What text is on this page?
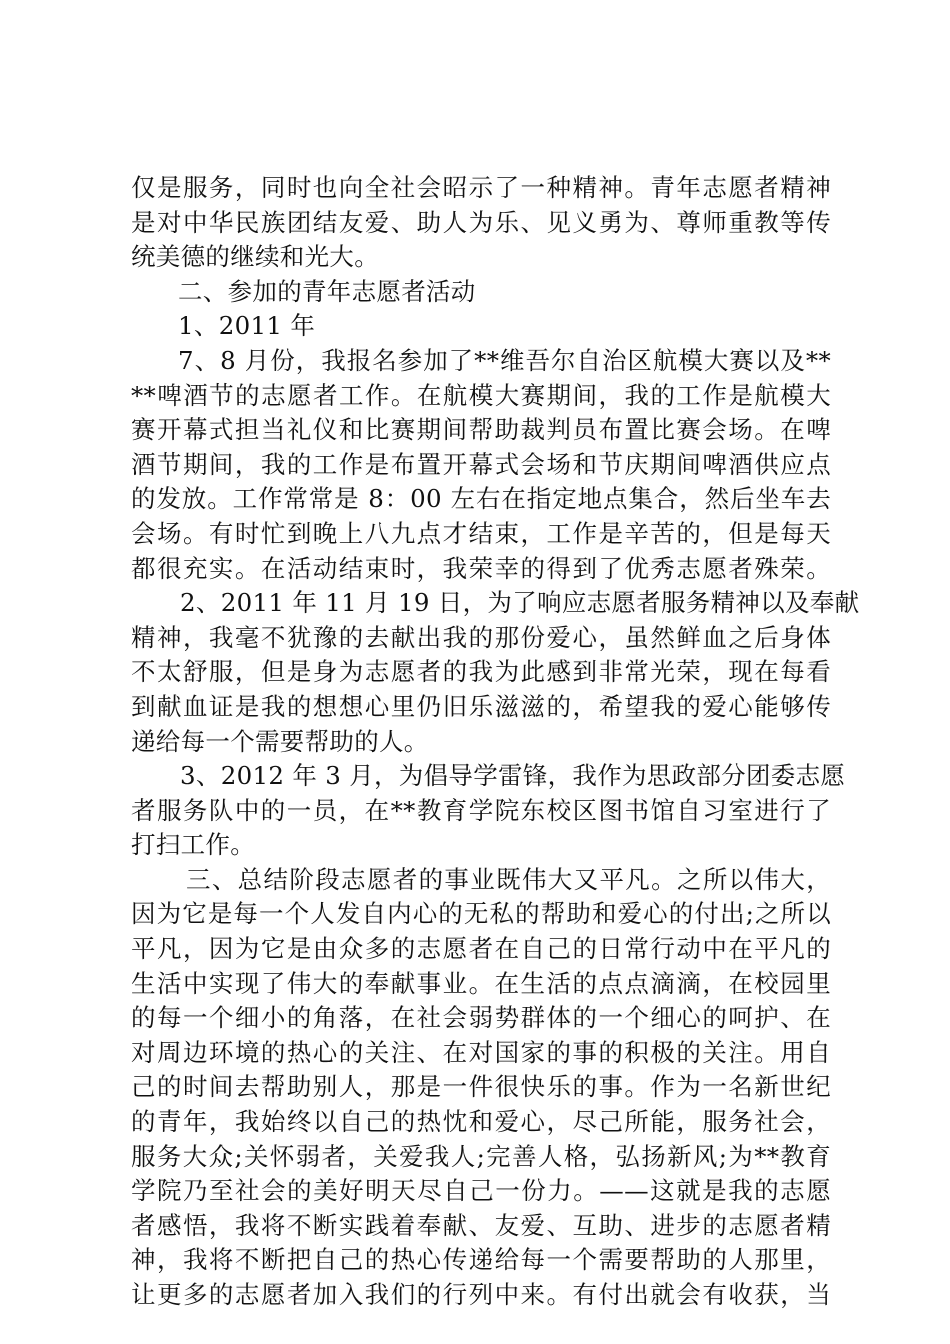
仅是服务，同时也向全社会昭示了一种精神。青年志愿者精神
是对中华民族团结友爱、助人为乐、见义勇为、尊师重教等传
统美德的继续和光大。
二、参加的青年志愿者活动
1、2011 年
7、8 月份，我报名参加了**维吾尔自治区航模大赛以及**
**啤酒节的志愿者工作。在航模大赛期间，我的工作是航模大
赛开幕式担当礼仪和比赛期间帮助裁判员布置比赛会场。在啤
酒节期间，我的工作是布置开幕式会场和节庆期间啤酒供应点
的发放。工作常常是 8：00 左右在指定地点集合，然后坐车去
会场。有时忙到晚上八九点才结束，工作是辛苦的，但是每天
都很充实。在活动结束时，我荣幸的得到了优秀志愿者殊荣。
2、2011 年 11 月 19 日，为了响应志愿者服务精神以及奉献
精神，我毫不犹豫的去献出我的那份爱心，虽然鲜血之后身体
不太舒服，但是身为志愿者的我为此感到非常光荣，现在每看
到献血证是我的想想心里仍旧乐滋滋的，希望我的爱心能够传
递给每一个需要帮助的人。
3、2012 年 3 月，为倡导学雷锋，我作为思政部分团委志愿
者服务队中的一员，在**教育学院东校区图书馆自习室进行了
打扫工作。
三、总结阶段志愿者的事业既伟大又平凡。之所以伟大，
因为它是每一个人发自内心的无私的帮助和爱心的付出;之所以
平凡，因为它是由众多的志愿者在自己的日常行动中在平凡的
生活中实现了伟大的奉献事业。在生活的点点滴滴，在校园里
的每一个细小的角落，在社会弱势群体的一个细心的呵护、在
对周边环境的热心的关注、在对国家的事的积极的关注。用自
己的时间去帮助别人，那是一件很快乐的事。作为一名新世纪
的青年，我始终以自己的热忱和爱心，尽己所能，服务社会，
服务大众;关怀弱者，关爱我人;完善人格，弘扬新风;为**教育
学院乃至社会的美好明天尽自己一份力。——这就是我的志愿
者感悟，我将不断实践着奉献、友爱、互助、进步的志愿者精
神，我将不断把自己的热心传递给每一个需要帮助的人那里，
让更多的志愿者加入我们的行列中来。有付出就会有收获，当
